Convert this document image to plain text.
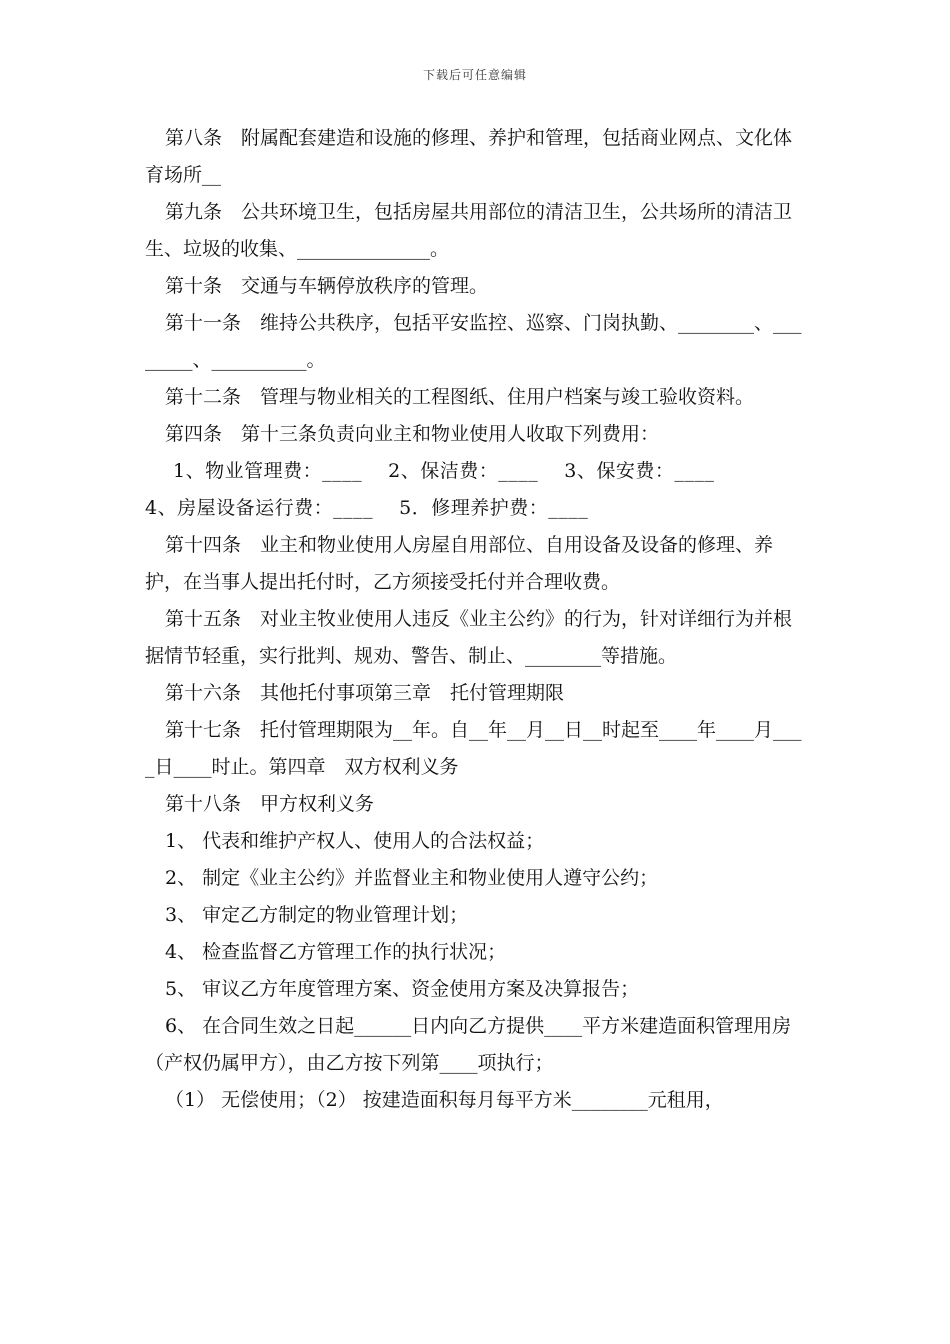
下载后可任意编辑

第八条　附属配套建造和设施的修理、养护和管理，包括商业网点、文化体育场所__

第九条　公共环境卫生，包括房屋共用部位的清洁卫生，公共场所的清洁卫生、垃圾的收集、______________。

第十条　交通与车辆停放秩序的管理。

第十一条　维持公共秩序，包括平安监控、巡察、门岗执勤、________、________、__________。

第十二条　管理与物业相关的工程图纸、住用户档案与竣工验收资料。

第四条　第十三条负责向业主和物业使用人收取下列费用：

1、物业管理费：____　 2、保洁费：____　 3、保安费：____

4、房屋设备运行费：____　 5．修理养护费：____

第十四条　业主和物业使用人房屋自用部位、自用设备及设备的修理、养护，在当事人提出托付时，乙方须接受托付并合理收费。

第十五条　对业主牧业使用人违反《业主公约》的行为，针对详细行为并根据情节轻重，实行批判、规劝、警告、制止、________等措施。

第十六条　其他托付事项第三章　托付管理期限

第十七条　托付管理期限为__年。自__年__月__日__时起至____年____月____日____时止。第四章　双方权利义务

第十八条　甲方权利义务

1、 代表和维护产权人、使用人的合法权益；

2、 制定《业主公约》并监督业主和物业使用人遵守公约；

3、 审定乙方制定的物业管理计划；

4、 检查监督乙方管理工作的执行状况；

5、 审议乙方年度管理方案、资金使用方案及决算报告；

6、 在合同生效之日起______日内向乙方提供____平方米建造面积管理用房（产权仍属甲方），由乙方按下列第____项执行；

（1） 无偿使用；（2） 按建造面积每月每平方米________元租用，
